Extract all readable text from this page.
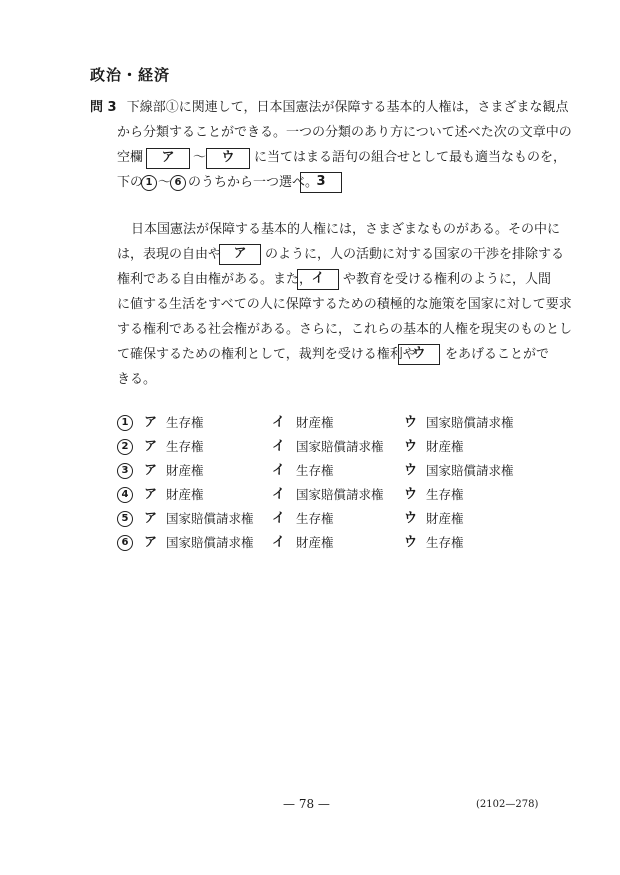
政治・経済
問 3 下線部①に関連して，日本国憲法が保障する基本的人権は，さまざまな観点
から分類することができる。一つの分類のあり方について述べた次の文章中の
空欄	ア	〜	ウ	に当てはまる語句の組合せとして最も適当なものを，
下の 1 〜 6 のうちから一つ選べ。
3
日本国憲法が保障する基本的人権には，さまざまなものがある。その中に
は，表現の自由や ア	のように，人の活動に対する国家の干渉を排除する
権利である自由権がある。また， イ	や教育を受ける権利のように，人間
に値する生活をすべての人に保障するための積極的な施策を国家に対して要求
する権利である社会権がある。さらに，これらの基本的人権を現実のものとし
て確保するための権利として，裁判を受ける権利や
ウ	をあげることがで
きる。
1	ア 生存権	イ 財産権	ウ 国家賠償請求権
2	ア 生存権	イ 国家賠償請求権 ウ 財産権
3	ア 財産権	イ 生存権	ウ 国家賠償請求権
4	ア 財産権	イ 国家賠償請求権 ウ 生存権
5	ア 国家賠償請求権 イ 生存権	ウ 財産権
6	ア 国家賠償請求権 イ 財産権	ウ 生存権
— 78 —	(2102—278)
